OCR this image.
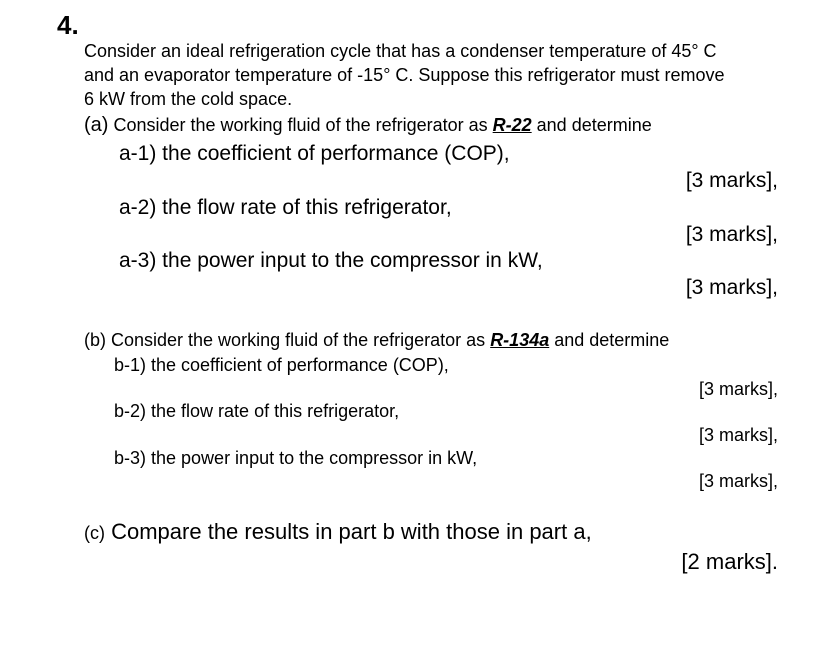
4.
Consider an ideal refrigeration cycle that has a condenser temperature of 45° C
and an evaporator temperature of -15° C. Suppose this refrigerator must remove
6 kW from the cold space.
(a) Consider the working fluid of the refrigerator as R-22 and determine
a-1) the coefficient of performance (COP),
[3 marks],
a-2) the flow rate of this refrigerator,
[3 marks],
a-3) the power input to the compressor in kW,
[3 marks],
(b) Consider the working fluid of the refrigerator as R-134a and determine
b-1) the coefficient of performance (COP),
[3 marks],
b-2) the flow rate of this refrigerator,
[3 marks],
b-3) the power input to the compressor in kW,
[3 marks],
(c) Compare the results in part b with those in part a,
[2 marks].
